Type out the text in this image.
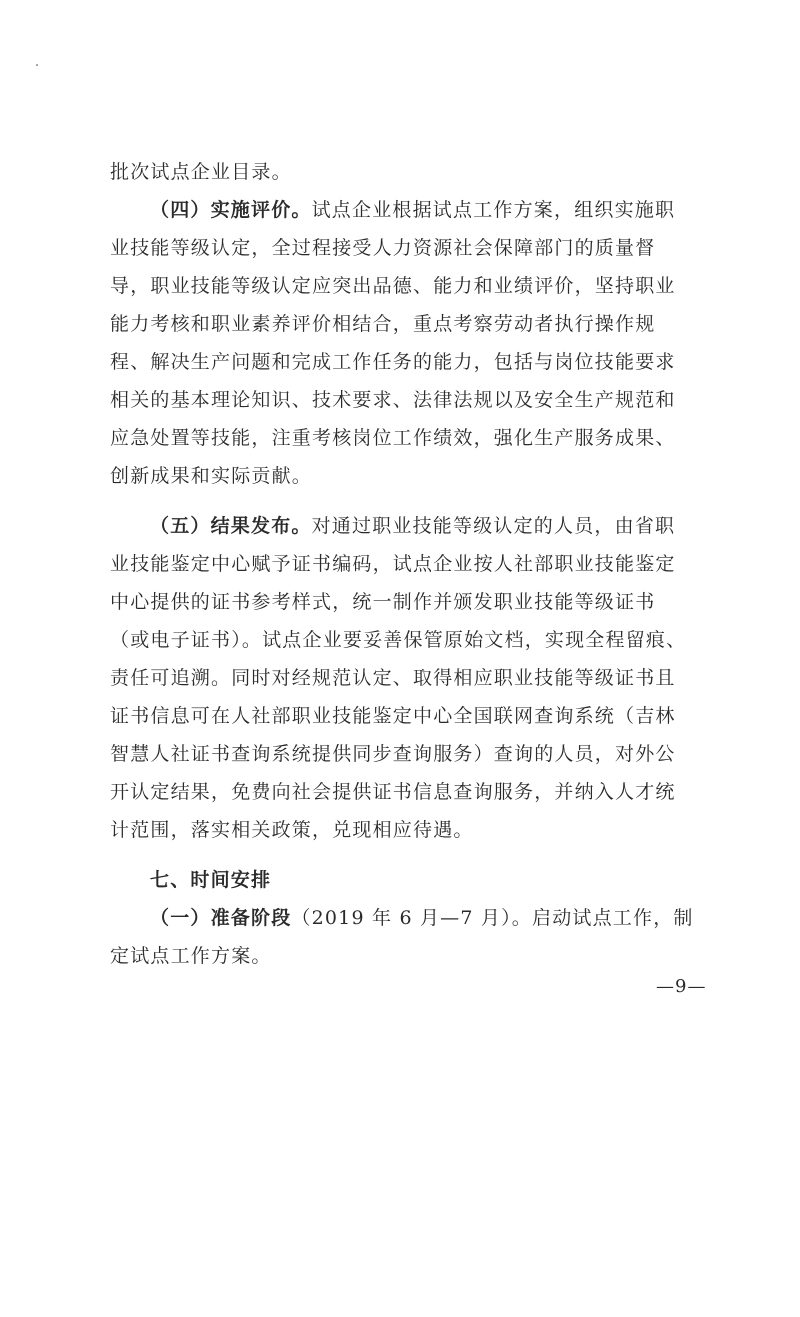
批次试点企业目录。
（四）实施评价。试点企业根据试点工作方案，组织实施职
业技能等级认定，全过程接受人力资源社会保障部门的质量督
导，职业技能等级认定应突出品德、能力和业绩评价，坚持职业
能力考核和职业素养评价相结合，重点考察劳动者执行操作规
程、解决生产问题和完成工作任务的能力，包括与岗位技能要求
相关的基本理论知识、技术要求、法律法规以及安全生产规范和
应急处置等技能，注重考核岗位工作绩效，强化生产服务成果、
创新成果和实际贡献。
（五）结果发布。对通过职业技能等级认定的人员，由省职
业技能鉴定中心赋予证书编码，试点企业按人社部职业技能鉴定
中心提供的证书参考样式，统一制作并颁发职业技能等级证书
（或电子证书）。试点企业要妥善保管原始文档，实现全程留痕、
责任可追溯。同时对经规范认定、取得相应职业技能等级证书且
证书信息可在人社部职业技能鉴定中心全国联网查询系统（吉林
智慧人社证书查询系统提供同步查询服务）查询的人员，对外公
开认定结果，免费向社会提供证书信息查询服务，并纳入人才统
计范围，落实相关政策，兑现相应待遇。
七、时间安排
（一）准备阶段（2019 年 6 月—7 月）。启动试点工作，制
定试点工作方案。
—9—
